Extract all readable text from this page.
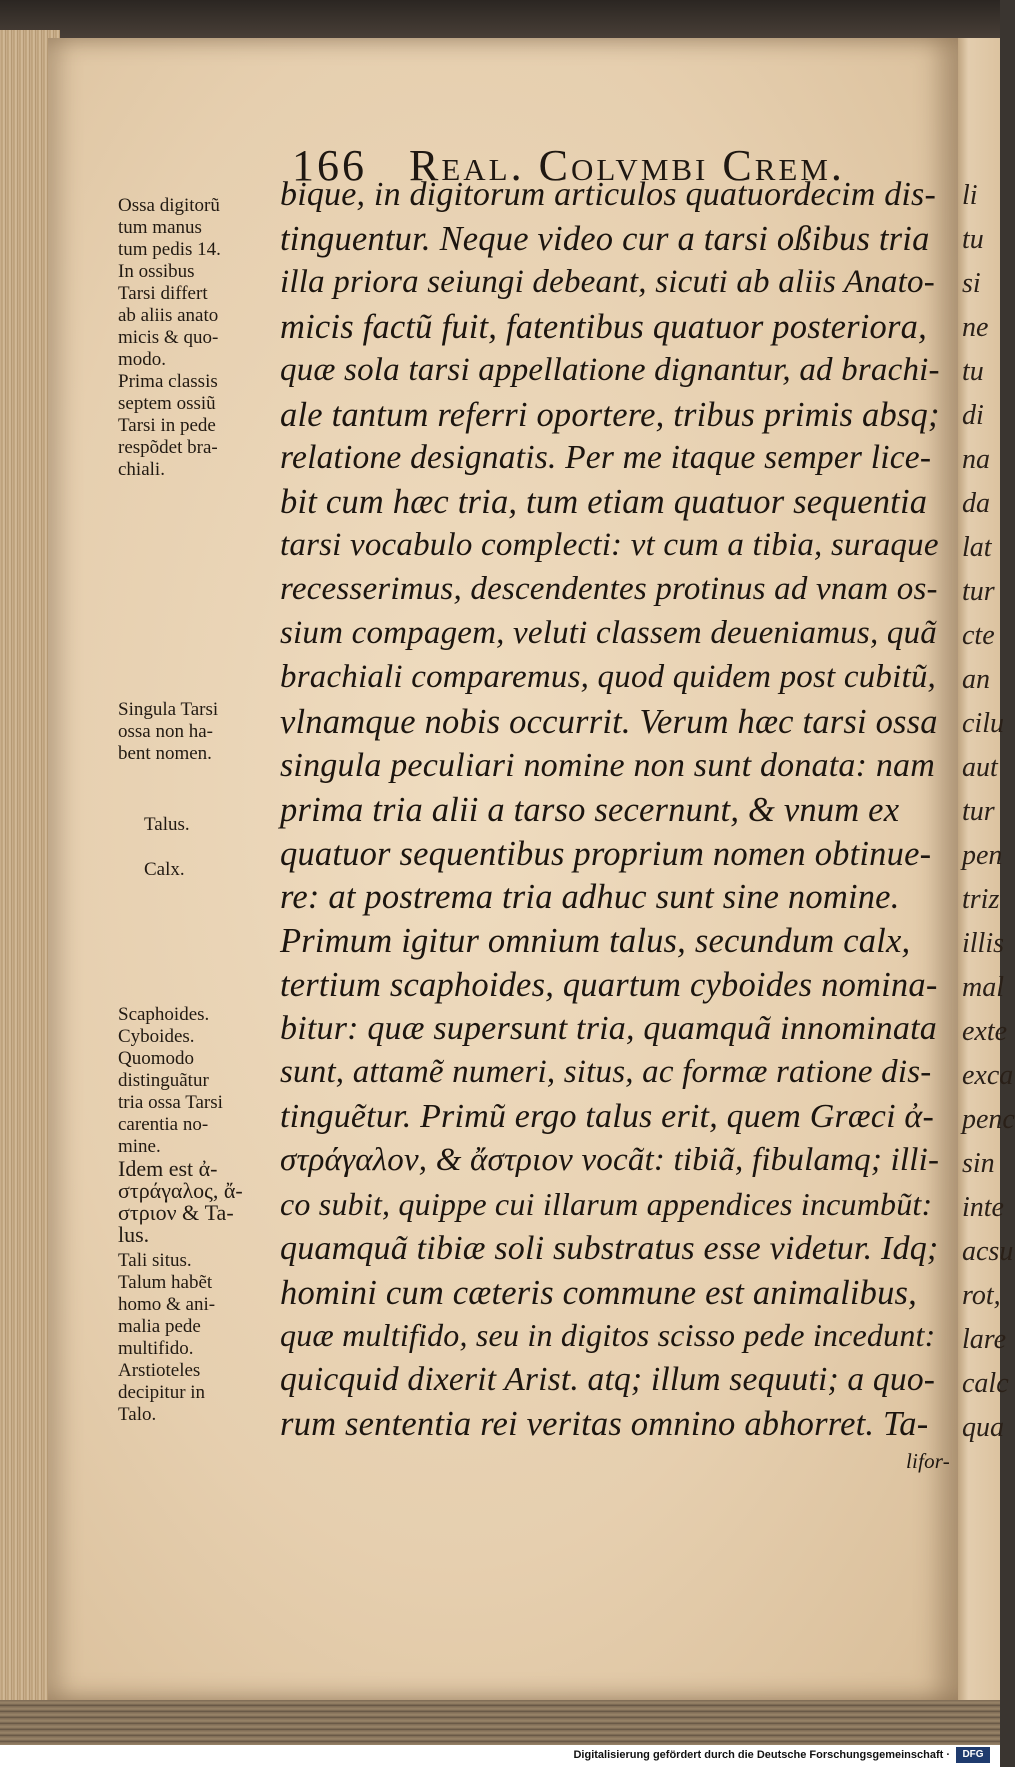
166 Real. Colvmbi Crem.
bique, in digitorum articulos quatuordecim dis-
tinguentur. Neque video cur a tarsi oßibus tria
illa priora seiungi debeant, sicuti ab aliis Anato-
micis factũ fuit, fatentibus quatuor posteriora,
quæ sola tarsi appellatione dignantur, ad brachi-
ale tantum referri oportere, tribus primis absq;
relatione designatis. Per me itaque semper lice-
bit cum hæc tria, tum etiam quatuor sequentia
tarsi vocabulo complecti: vt cum a tibia, suraque
recesserimus, descendentes protinus ad vnam os-
sium compagem, veluti classem deueniamus, quã
brachiali comparemus, quod quidem post cubitũ,
vlnamque nobis occurrit. Verum hæc tarsi ossa
singula peculiari nomine non sunt donata: nam
prima tria alii a tarso secernunt, & vnum ex
quatuor sequentibus proprium nomen obtinue-
re: at postrema tria adhuc sunt sine nomine.
Primum igitur omnium talus, secundum calx,
tertium scaphoides, quartum cyboides nomina-
bitur: quæ supersunt tria, quamquã innominata
sunt, attamẽ numeri, situs, ac formæ ratione dis-
tinguẽtur. Primũ ergo talus erit, quem Græci ἀ-
στράγαλον, & ἄστριον vocãt: tibiã, fibulamq; illi-
co subit, quippe cui illarum appendices incumbũt:
quamquã tibiæ soli substratus esse videtur. Idq;
homini cum cæteris commune est animalibus,
quæ multifido, seu in digitos scisso pede incedunt:
quicquid dixerit Arist. atq; illum sequuti; a quo-
rum sententia rei veritas omnino abhorret. Ta-
lifor-
Ossa digitorũ
tum manus
tum pedis 14.
In ossibus
Tarsi differt
ab aliis anato
micis & quo-
modo.
Prima classis
septem ossiũ
Tarsi in pede
respõdet bra-
chiali.
Singula Tarsi
ossa non ha-
bent nomen.
Talus.
Calx.
Scaphoides.
Cyboides.
Quomodo
distinguãtur
tria ossa Tarsi
carentia no-
mine.
Idem est ἀ-
στράγαλος, ἄ-
στριον & Ta-
lus.
Tali situs.
Talum habẽt
homo & ani-
malia pede
multifido.
Arstioteles
decipitur in
Talo.
li
tu
si
ne
tu
di
na
da
lat
tur
cte
an
cilu
aut
tur
pen
triz
illis
mal
exte
exca
penc
sin
inte
acsu
rot,
lare
calc
qua
Digitalisierung gefördert durch die Deutsche Forschungsgemeinschaft ·	DFG
